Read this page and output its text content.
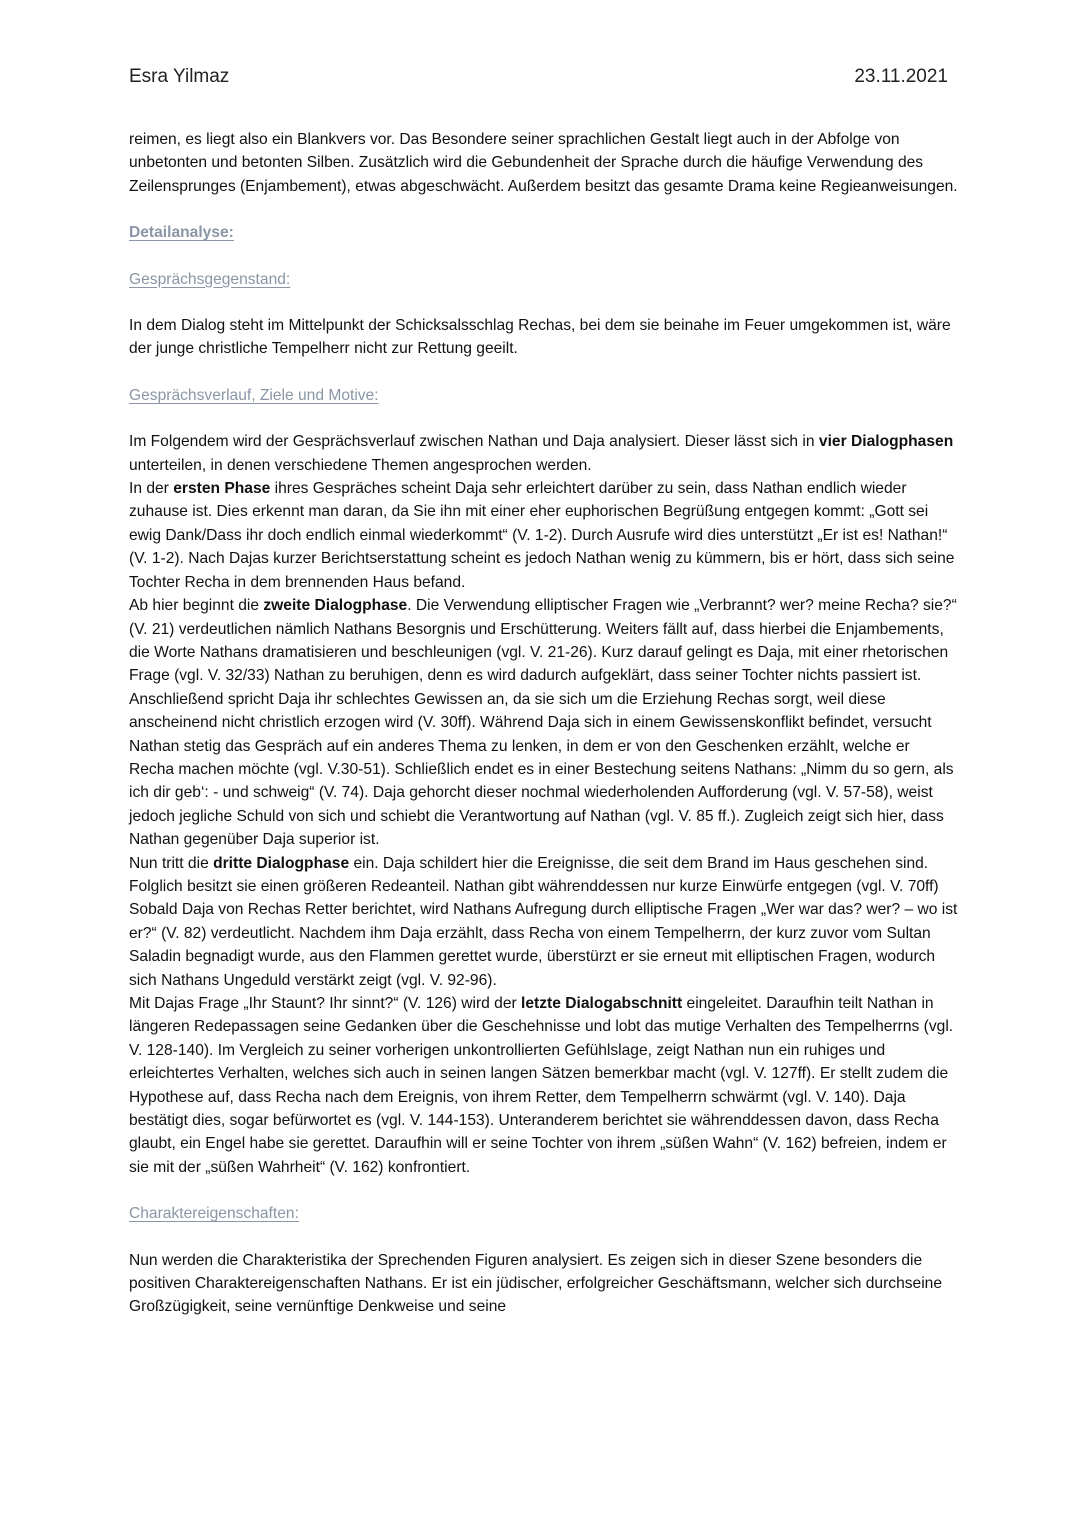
Esra Yilmaz	23.11.2021

reimen, es liegt also ein Blankvers vor. Das Besondere seiner sprachlichen Gestalt liegt auch in der Abfolge von unbetonten und betonten Silben. Zusätzlich wird die Gebundenheit der Sprache durch die häufige Verwendung des Zeilensprunges (Enjambement), etwas abgeschwächt. Außerdem besitzt das gesamte Drama keine Regieanweisungen.

Detailanalyse:

Gesprächsgegenstand:

In dem Dialog steht im Mittelpunkt der Schicksalsschlag Rechas, bei dem sie beinahe im Feuer umgekommen ist, wäre der junge christliche Tempelherr nicht zur Rettung geeilt.

Gesprächsverlauf, Ziele und Motive:

Im Folgendem wird der Gesprächsverlauf zwischen Nathan und Daja analysiert. Dieser lässt sich in vier Dialogphasen unterteilen, in denen verschiedene Themen angesprochen werden.

In der ersten Phase ihres Gespräches scheint Daja sehr erleichtert darüber zu sein, dass Nathan endlich wieder zuhause ist. Dies erkennt man daran, da Sie ihn mit einer eher euphorischen Begrüßung entgegen kommt: „Gott sei ewig Dank/Dass ihr doch endlich einmal wiederkommt“ (V. 1-2). Durch Ausrufe wird dies unterstützt „Er ist es! Nathan!“ (V. 1-2). Nach Dajas kurzer Berichtserstattung scheint es jedoch Nathan wenig zu kümmern, bis er hört, dass sich seine Tochter Recha in dem brennenden Haus befand.

Ab hier beginnt die zweite Dialogphase. Die Verwendung elliptischer Fragen wie „Verbrannt? wer? meine Recha? sie?“ (V. 21) verdeutlichen nämlich Nathans Besorgnis und Erschütterung. Weiters fällt auf, dass hierbei die Enjambements, die Worte Nathans dramatisieren und beschleunigen (vgl. V. 21-26). Kurz darauf gelingt es Daja, mit einer rhetorischen Frage (vgl. V. 32/33) Nathan zu beruhigen, denn es wird dadurch aufgeklärt, dass seiner Tochter nichts passiert ist. Anschließend spricht Daja ihr schlechtes Gewissen an, da sie sich um die Erziehung Rechas sorgt, weil diese anscheinend nicht christlich erzogen wird (V. 30ff). Während Daja sich in einem Gewissenskonflikt befindet, versucht Nathan stetig das Gespräch auf ein anderes Thema zu lenken, in dem er von den Geschenken erzählt, welche er Recha machen möchte (vgl. V.30-51). Schließlich endet es in einer Bestechung seitens Nathans: „Nimm du so gern, als ich dir geb‘: - und schweig“ (V. 74). Daja gehorcht dieser nochmal wiederholenden Aufforderung (vgl. V. 57-58), weist jedoch jegliche Schuld von sich und schiebt die Verantwortung auf Nathan (vgl. V. 85 ff.). Zugleich zeigt sich hier, dass Nathan gegenüber Daja superior ist.

Nun tritt die dritte Dialogphase ein. Daja schildert hier die Ereignisse, die seit dem Brand im Haus geschehen sind. Folglich besitzt sie einen größeren Redeanteil. Nathan gibt währenddessen nur kurze Einwürfe entgegen (vgl. V. 70ff)

Sobald Daja von Rechas Retter berichtet, wird Nathans Aufregung durch elliptische Fragen „Wer war das? wer? – wo ist er?“ (V. 82) verdeutlicht. Nachdem ihm Daja erzählt, dass Recha von einem Tempelherrn, der kurz zuvor vom Sultan Saladin begnadigt wurde, aus den Flammen gerettet wurde, überstürzt er sie erneut mit elliptischen Fragen, wodurch sich Nathans Ungeduld verstärkt zeigt (vgl. V. 92-96).

Mit Dajas Frage „Ihr Staunt? Ihr sinnt?“ (V. 126) wird der letzte Dialogabschnitt eingeleitet. Daraufhin teilt Nathan in längeren Redepassagen seine Gedanken über die Geschehnisse und lobt das mutige Verhalten des Tempelherrns (vgl. V. 128-140). Im Vergleich zu seiner vorherigen unkontrollierten Gefühlslage, zeigt Nathan nun ein ruhiges und erleichtertes Verhalten, welches sich auch in seinen langen Sätzen bemerkbar macht (vgl. V. 127ff). Er stellt zudem die Hypothese auf, dass Recha nach dem Ereignis, von ihrem Retter, dem Tempelherrn schwärmt (vgl. V. 140). Daja bestätigt dies, sogar befürwortet es (vgl. V. 144-153). Unteranderem berichtet sie währenddessen davon, dass Recha glaubt, ein Engel habe sie gerettet. Daraufhin will er seine Tochter von ihrem „süßen Wahn“ (V. 162) befreien, indem er sie mit der „süßen Wahrheit“ (V. 162) konfrontiert.

Charaktereigenschaften:

Nun werden die Charakteristika der Sprechenden Figuren analysiert. Es zeigen sich in dieser Szene besonders die positiven Charaktereigenschaften Nathans. Er ist ein jüdischer, erfolgreicher Geschäftsmann, welcher sich durchseine Großzügigkeit, seine vernünftige Denkweise und seine
